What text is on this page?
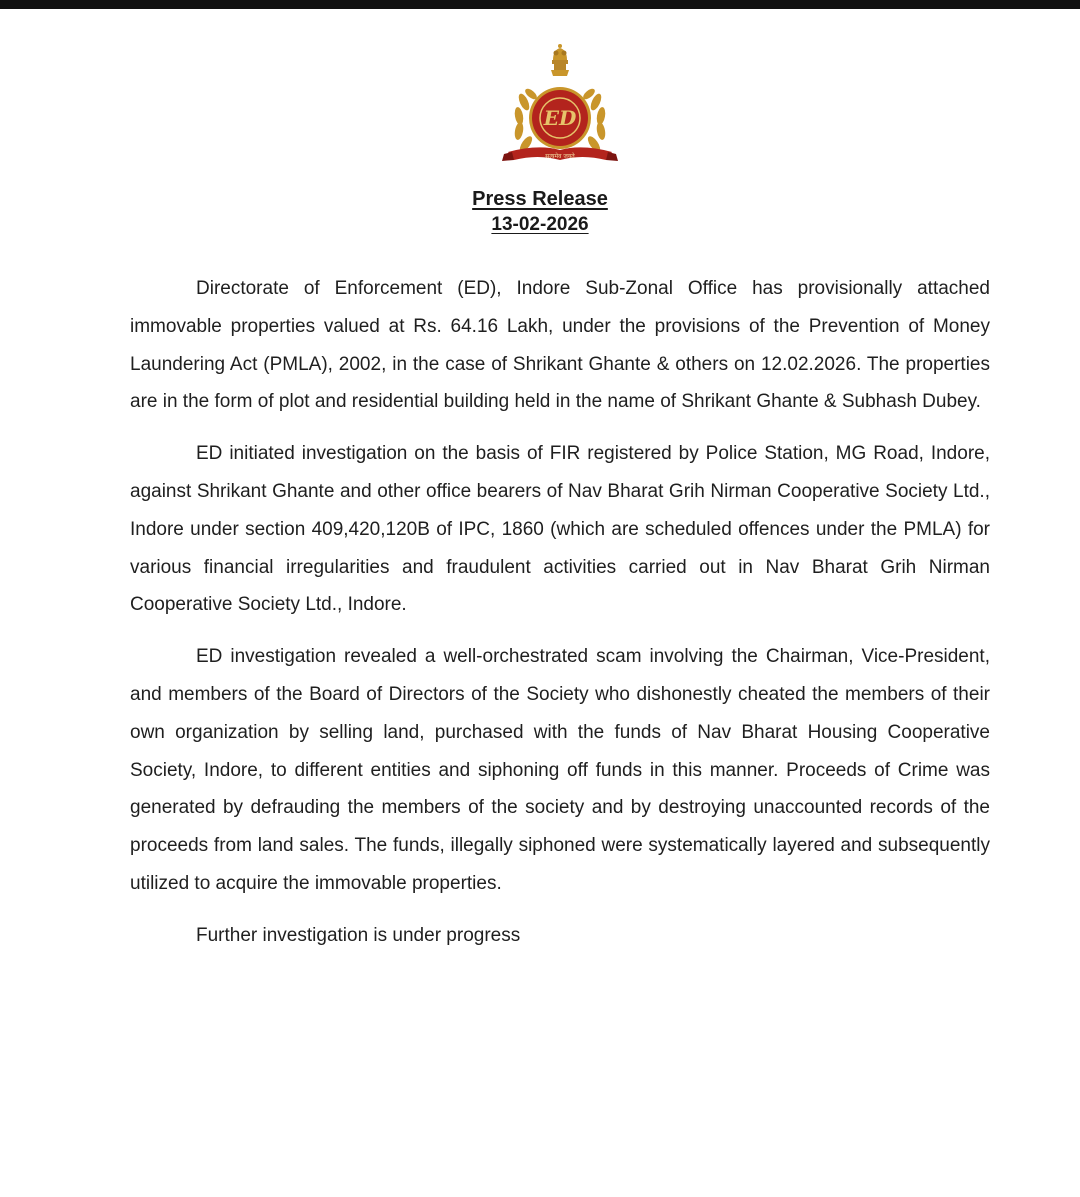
ED
सत्यमेव जयते
Press Release
13-02-2026

Directorate of Enforcement (ED), Indore Sub-Zonal Office has provisionally attached immovable properties valued at Rs. 64.16 Lakh, under the provisions of the Prevention of Money Laundering Act (PMLA), 2002, in the case of Shrikant Ghante & others on 12.02.2026. The properties are in the form of plot and residential building held in the name of Shrikant Ghante & Subhash Dubey.

ED initiated investigation on the basis of FIR registered by Police Station, MG Road, Indore, against Shrikant Ghante and other office bearers of Nav Bharat Grih Nirman Cooperative Society Ltd., Indore under section 409,420,120B of IPC, 1860 (which are scheduled offences under the PMLA) for various financial irregularities and fraudulent activities carried out in Nav Bharat Grih Nirman Cooperative Society Ltd., Indore.

ED investigation revealed a well-orchestrated scam involving the Chairman, Vice-President, and members of the Board of Directors of the Society who dishonestly cheated the members of their own organization by selling land, purchased with the funds of Nav Bharat Housing Cooperative Society, Indore, to different entities and siphoning off funds in this manner. Proceeds of Crime was generated by defrauding the members of the society and by destroying unaccounted records of the proceeds from land sales. The funds, illegally siphoned were systematically layered and subsequently utilized to acquire the immovable properties.

Further investigation is under progress
